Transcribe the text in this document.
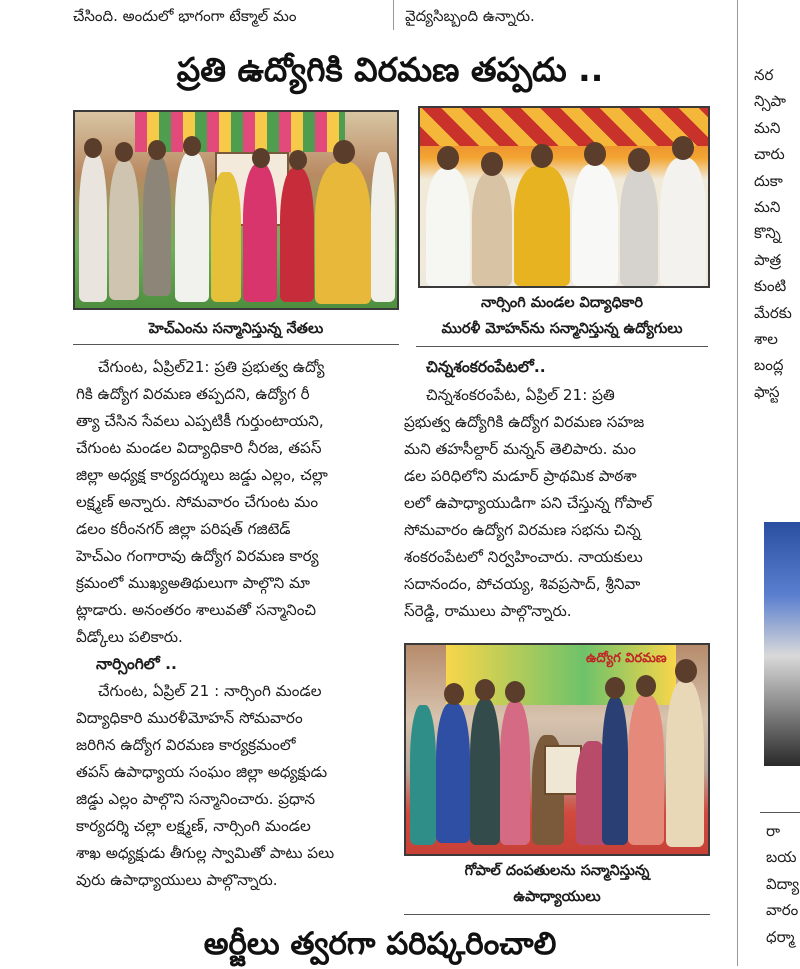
చేసింది. అందులో భాగంగా టేక్మాల్ మం	వైద్యసిబ్బంది ఉన్నారు.
ప్రతి ఉద్యోగికి విరమణ తప్పదు ..
హెచ్ఎంను సన్మానిస్తున్న నేతలు
నార్సింగి మండల విద్యాధికారి
మురళీ మోహన్‌ను సన్మానిస్తున్న ఉద్యోగులు
చేగుంట, ఏప్రిల్21: ప్రతి ప్రభుత్వ ఉద్యో
గికి ఉద్యోగ విరమణ తప్పదని, ఉద్యోగ రీ
త్యా చేసిన సేవలు ఎప్పటికీ గుర్తుంటాయని,
చేగుంట మండల విద్యాధికారి నీరజ, తపస్
జిల్లా అధ్యక్ష కార్యదర్శులు జడ్డు ఎల్లం, చల్లా
లక్ష్మణ్ అన్నారు. సోమవారం చేగుంట మం
డలం కరీంనగర్ జిల్లా పరిషత్ గజిటెడ్
హెచ్ఎం గంగారావు ఉద్యోగ విరమణ కార్య
క్రమంలో ముఖ్యఅతిథులుగా పాల్గొని మా
ట్లాడారు. అనంతరం శాలువతో సన్మానించి
వీడ్కోలు పలికారు.
నార్సింగిలో ..
చేగుంట, ఏప్రిల్ 21 : నార్సింగి మండల
విద్యాధికారి మురళీమోహన్ సోమవారం
జరిగిన ఉద్యోగ విరమణ కార్యక్రమంలో
తపస్ ఉపాధ్యాయ సంఘం జిల్లా అధ్యక్షుడు
జిడ్డు ఎల్లం పాల్గొని సన్మానించారు. ప్రధాన
కార్యదర్శి చల్లా లక్ష్మణ్, నార్సింగి మండల
శాఖ అధ్యక్షుడు తీగుల్ల స్వామితో పాటు పలు
వురు ఉపాధ్యాయులు పాల్గొన్నారు.
చిన్నశంకరంపేటలో..
చిన్నశంకరంపేట, ఏప్రిల్ 21: ప్రతి
ప్రభుత్వ ఉద్యోగికి ఉద్యోగ విరమణ సహజ
మని తహసీల్దార్ మన్నన్ తెలిపారు. మం
డల పరిధిలోని మడూర్ ప్రాథమిక పాఠశా
లలో ఉపాధ్యాయుడిగా పని చేస్తున్న గోపాల్
సోమవారం ఉద్యోగ విరమణ సభను చిన్న
శంకరంపేటలో నిర్వహించారు. నాయకులు
సదానందం, పోచయ్య, శివప్రసాద్, శ్రీనివా
స్‌రెడ్డి, రాములు పాల్గొన్నారు.
ఉద్యోగ విరమణ
గోపాల్ దంపతులను సన్మానిస్తున్న
ఉపాధ్యాయులు
అర్జీలు త్వరగా పరిష్కరించాలి
నర
న్సిపా
మని
చారు
దుకా
మని
కొన్ని
పాత్ర
కుంటి
మేరకు
శాల
బంద్ల
ఫాస్ట
రా
బయ
విద్యా
వారం
ధర్మా
